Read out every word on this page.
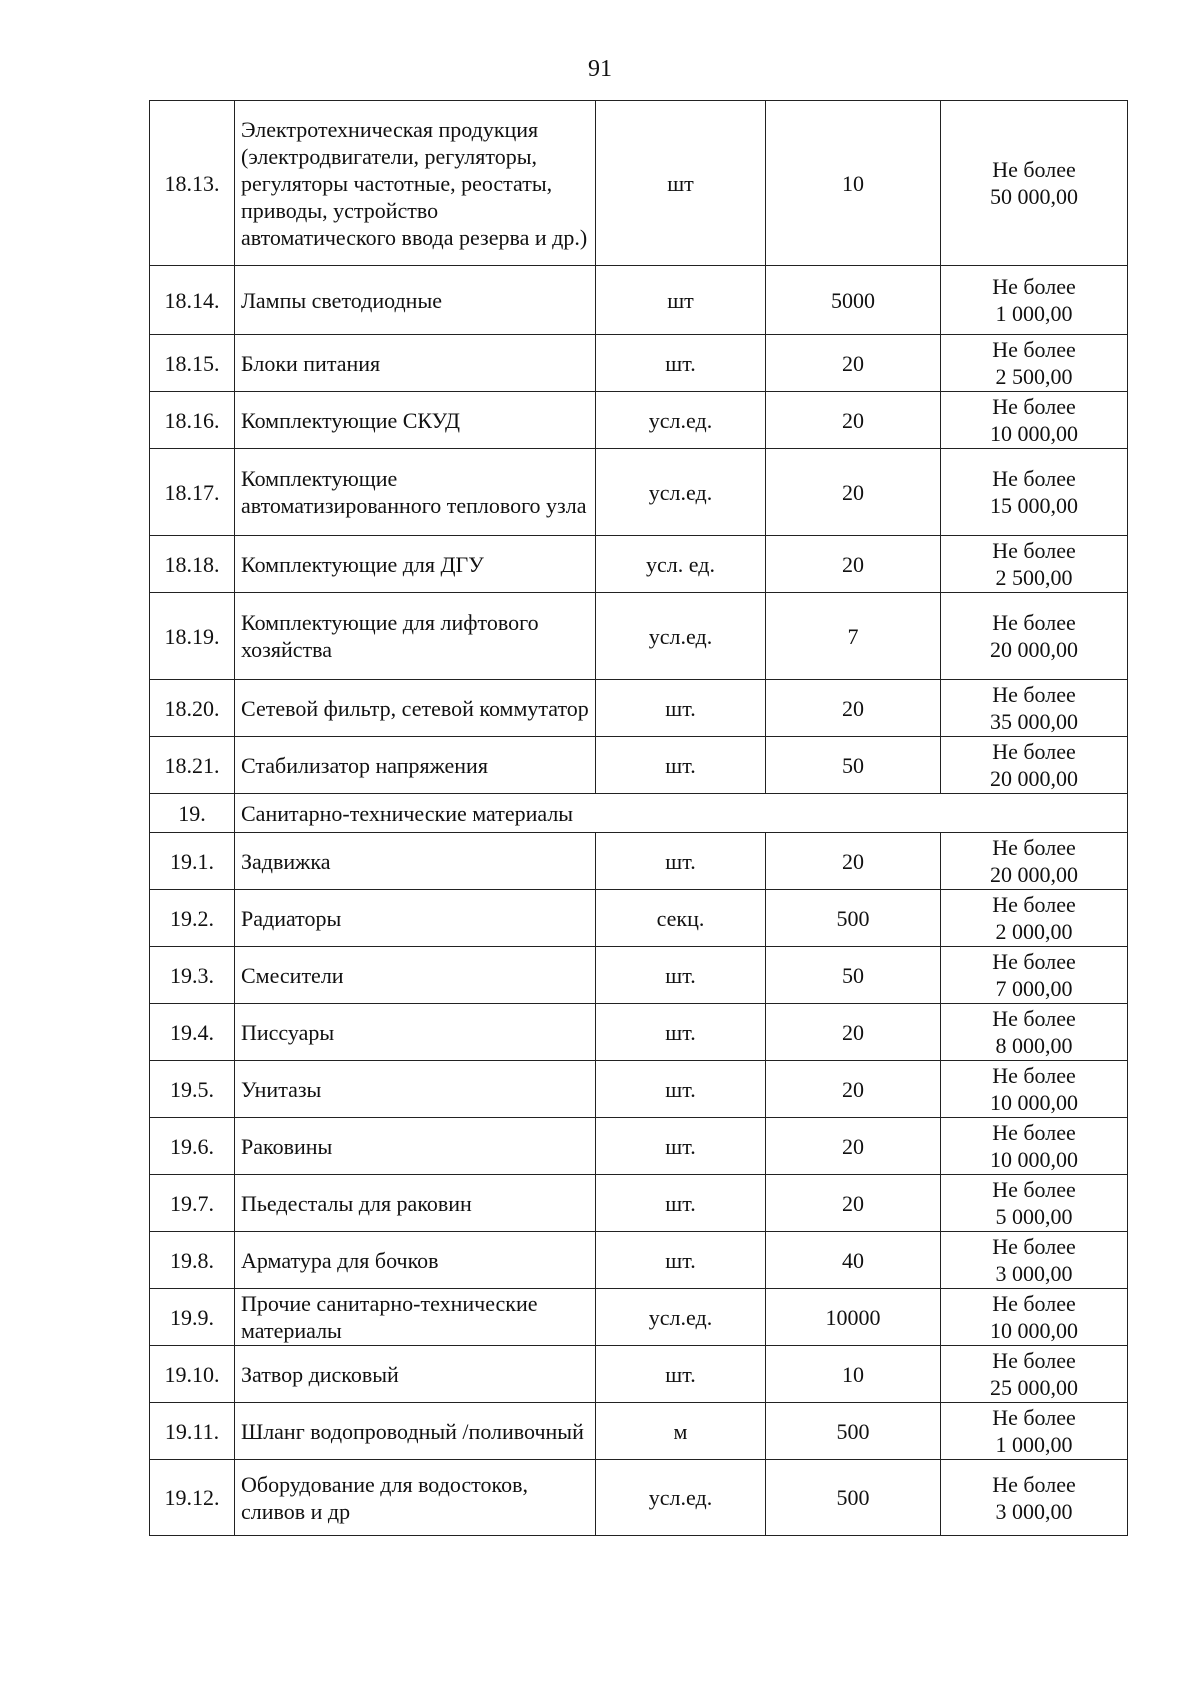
91
18.13.	Электротехническая продукция (электродвигатели, регуляторы, регуляторы частотные, реостаты, приводы, устройство автоматического ввода резерва и др.)	шт	10	Не более
50 000,00

18.14.	Лампы светодиодные	шт	5000	Не более
1 000,00

18.15.	Блоки питания	шт.	20	Не более
2 500,00

18.16.	Комплектующие СКУД	усл.ед.	20	Не более
10 000,00

18.17.	Комплектующие автоматизированного теплового узла	усл.ед.	20	Не более
15 000,00

18.18.	Комплектующие для ДГУ	усл. ед.	20	Не более
2 500,00

18.19.	Комплектующие для лифтового хозяйства	усл.ед.	7	Не более
20 000,00

18.20.	Сетевой фильтр, сетевой коммутатор	шт.	20	Не более
35 000,00

18.21.	Стабилизатор напряжения	шт.	50	Не более
20 000,00

19.	Санитарно-технические материалы			
19.1.	Задвижка	шт.	20	Не более
20 000,00

19.2.	Радиаторы	секц.	500	Не более
2 000,00

19.3.	Смесители	шт.	50	Не более
7 000,00

19.4.	Писсуары	шт.	20	Не более
8 000,00

19.5.	Унитазы	шт.	20	Не более
10 000,00

19.6.	Раковины	шт.	20	Не более
10 000,00

19.7.	Пьедесталы для раковин	шт.	20	Не более
5 000,00

19.8.	Арматура для бочков	шт.	40	Не более
3 000,00

19.9.	Прочие санитарно-технические материалы	усл.ед.	10000	Не более
10 000,00

19.10.	Затвор дисковый	шт.	10	Не более
25 000,00

19.11.	Шланг водопроводный /поливочный	м	500	Не более
1 000,00

19.12.	Оборудование для водостоков, сливов и др	усл.ед.	500	Не более
3 000,00
